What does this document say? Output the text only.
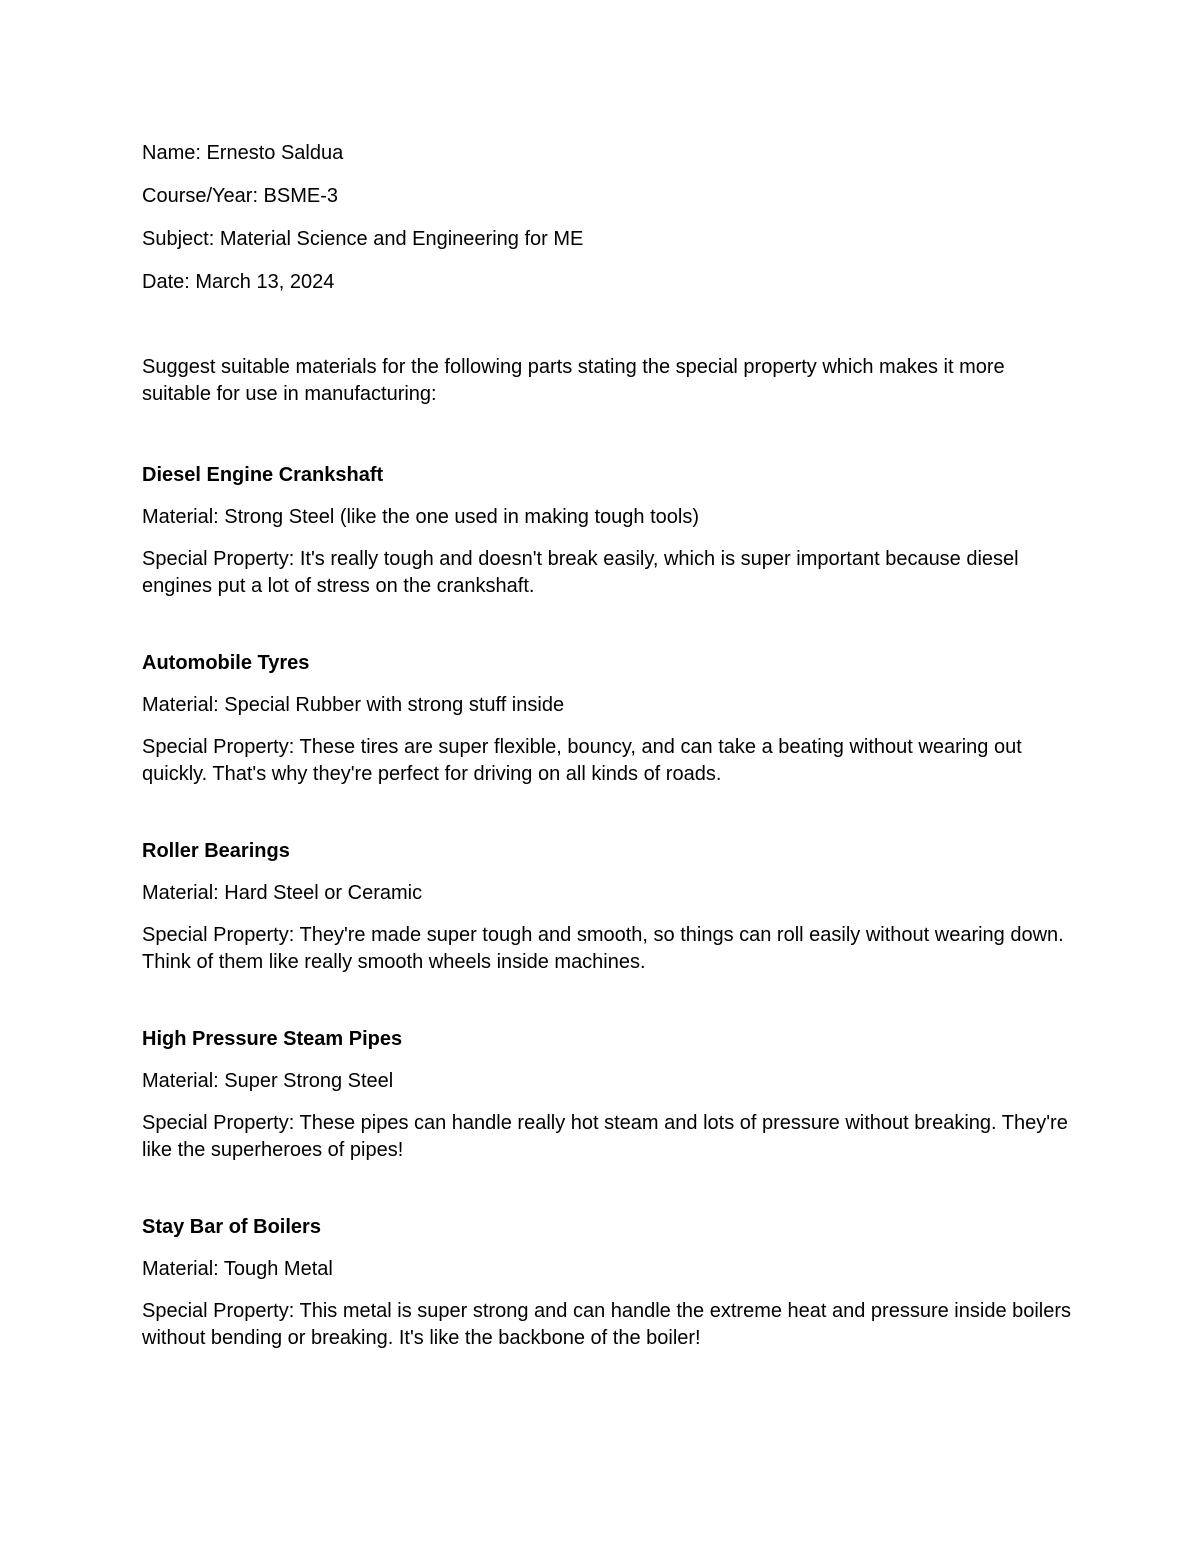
Name: Ernesto Saldua

Course/Year: BSME-3

Subject: Material Science and Engineering for ME

Date: March 13, 2024

Suggest suitable materials for the following parts stating the special property which makes it more suitable for use in manufacturing:

Diesel Engine Crankshaft

Material: Strong Steel (like the one used in making tough tools)

Special Property: It's really tough and doesn't break easily, which is super important because diesel engines put a lot of stress on the crankshaft.

Automobile Tyres

Material: Special Rubber with strong stuff inside

Special Property: These tires are super flexible, bouncy, and can take a beating without wearing out quickly. That's why they're perfect for driving on all kinds of roads.

Roller Bearings

Material: Hard Steel or Ceramic

Special Property: They're made super tough and smooth, so things can roll easily without wearing down. Think of them like really smooth wheels inside machines.

High Pressure Steam Pipes

Material: Super Strong Steel

Special Property: These pipes can handle really hot steam and lots of pressure without breaking. They're like the superheroes of pipes!

Stay Bar of Boilers

Material: Tough Metal

Special Property: This metal is super strong and can handle the extreme heat and pressure inside boilers without bending or breaking. It's like the backbone of the boiler!
